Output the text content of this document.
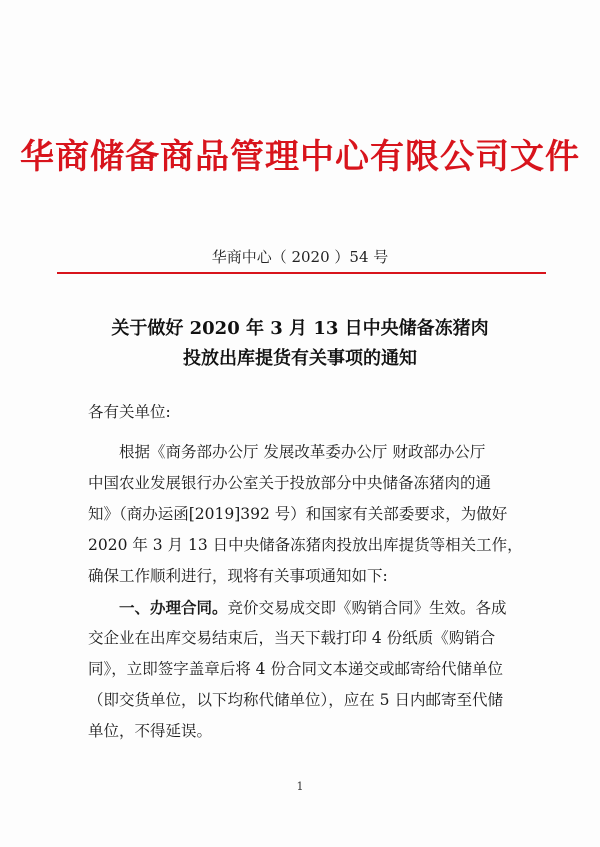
华商储备商品管理中心有限公司文件
华商中心（ 2020 ）54 号
关于做好 2020 年 3 月 13 日中央储备冻猪肉
投放出库提货有关事项的通知
各有关单位:
根据《商务部办公厅 发展改革委办公厅 财政部办公厅
中国农业发展银行办公室关于投放部分中央储备冻猪肉的通
知》（商办运函[2019]392 号）和国家有关部委要求，为做好
2020 年 3 月 13 日中央储备冻猪肉投放出库提货等相关工作，
确保工作顺利进行，现将有关事项通知如下:
一、办理合同。竞价交易成交即《购销合同》生效。各成
交企业在出库交易结束后，当天下载打印 4 份纸质《购销合
同》，立即签字盖章后将 4 份合同文本递交或邮寄给代储单位
（即交货单位，以下均称代储单位），应在 5 日内邮寄至代储
单位，不得延误。
1
